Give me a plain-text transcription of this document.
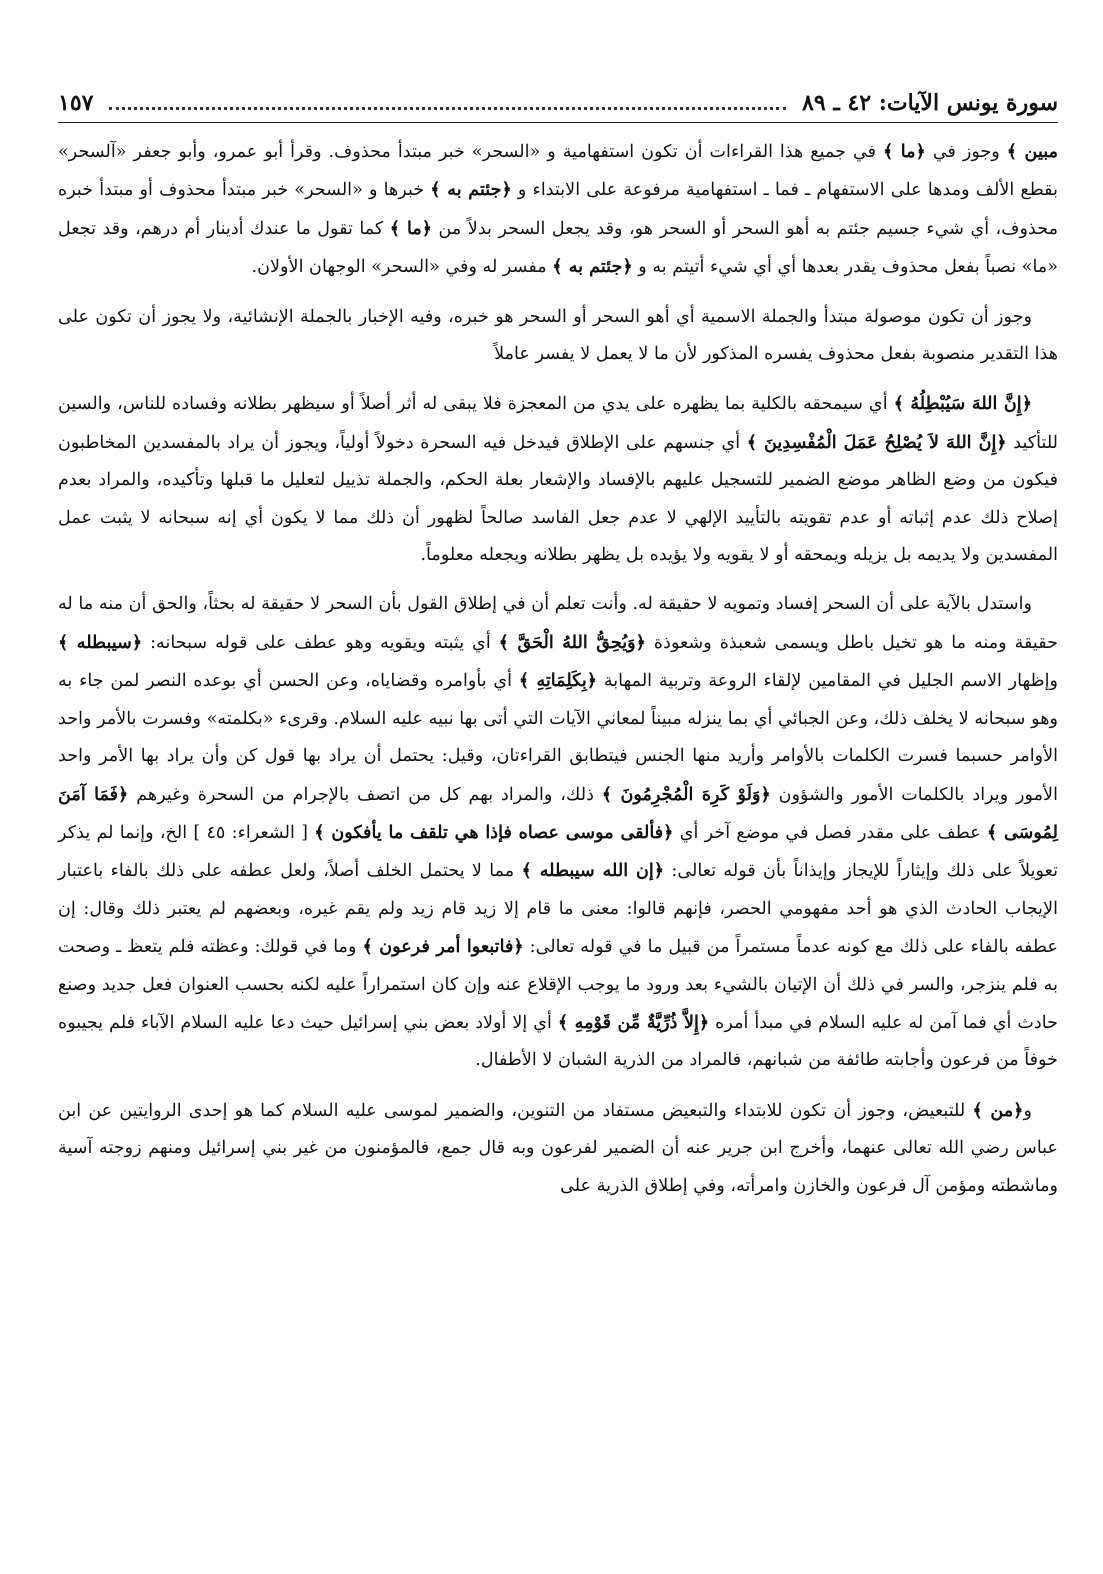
سورة يونس الآيات: ٤٢ ـ ٨٩
١٥٧

مبين ﴾ وجوز في ﴿ما ﴾ في جميع هذا القراءات أن تكون استفهامية و «السحر» خبر مبتدأ محذوف. وقرأ أبو عمرو، وأبو جعفر «آلسحر» بقطع الألف ومدها على الاستفهام ـ فما ـ استفهامية مرفوعة على الابتداء و ﴿جئتم به ﴾ خبرها و «السحر» خبر مبتدأ محذوف أو مبتدأ خبره محذوف، أي شيء جسيم جئتم به أهو السحر أو السحر هو، وقد يجعل السحر بدلاً من ﴿ما ﴾ كما تقول ما عندك أدينار أم درهم، وقد تجعل «ما» نصباً بفعل محذوف يقدر بعدها أي أي شيء أتيتم به و ﴿جئتم به ﴾ مفسر له وفي «السحر» الوجهان الأولان.

وجوز أن تكون موصولة مبتدأ والجملة الاسمية أي أهو السحر أو السحر هو خبره، وفيه الإخبار بالجملة الإنشائية، ولا يجوز أن تكون على هذا التقدير منصوبة بفعل محذوف يفسره المذكور لأن ما لا يعمل لا يفسر عاملاً

﴿إِنَّ اللهَ سَيُبْطِلُهُ ﴾ أي سيمحقه بالكلية بما يظهره على يدي من المعجزة فلا يبقى له أثر أصلاً أو سيظهر بطلانه وفساده للناس، والسين للتأكيد ﴿إِنَّ اللهَ لاَ يُصْلِحُ عَمَلَ الْمُفْسِدِينَ ﴾ أي جنسهم على الإطلاق فيدخل فيه السحرة دخولاً أولياً، ويجوز أن يراد بالمفسدين المخاطبون فيكون من وضع الظاهر موضع الضمير للتسجيل عليهم بالإفساد والإشعار بعلة الحكم، والجملة تذييل لتعليل ما قبلها وتأكيده، والمراد بعدم إصلاح ذلك عدم إثباته أو عدم تقويته بالتأييد الإلهي لا عدم جعل الفاسد صالحاً لظهور أن ذلك مما لا يكون أي إنه سبحانه لا يثبت عمل المفسدين ولا يديمه بل يزيله ويمحقه أو لا يقويه ولا يؤيده بل يظهر بطلانه ويجعله معلوماً.

واستدل بالآية على أن السحر إفساد وتمويه لا حقيقة له. وأنت تعلم أن في إطلاق القول بأن السحر لا حقيقة له بحثاً، والحق أن منه ما له حقيقة ومنه ما هو تخيل باطل ويسمى شعبذة وشعوذة ﴿وَيُحِقُّ اللهُ الْحَقَّ ﴾ أي يثبته ويقويه وهو عطف على قوله سبحانه: ﴿سيبطله ﴾ وإظهار الاسم الجليل في المقامين لإلقاء الروعة وتربية المهابة ﴿بِكَلِمَاتِهِ ﴾ أي بأوامره وقضاياه، وعن الحسن أي بوعده النصر لمن جاء به وهو سبحانه لا يخلف ذلك، وعن الجبائي أي بما ينزله مبيناً لمعاني الآيات التي أتى بها نبيه عليه السلام. وقرىء «بكلمته» وفسرت بالأمر واحد الأوامر حسبما فسرت الكلمات بالأوامر وأريد منها الجنس فيتطابق القراءتان، وقيل: يحتمل أن يراد بها قول كن وأن يراد بها الأمر واحد الأمور ويراد بالكلمات الأمور والشؤون ﴿وَلَوْ كَرِهَ الْمُجْرِمُونَ ﴾ ذلك، والمراد بهم كل من اتصف بالإجرام من السحرة وغيرهم ﴿فَمَا آمَنَ لِمُوسَى ﴾ عطف على مقدر فصل في موضع آخر أي ﴿فألقى موسى عصاه فإذا هي تلقف ما يأفكون ﴾ [ الشعراء: ٤٥ ] الخ، وإنما لم يذكر تعويلاً على ذلك وإيثاراً للإيجاز وإيذاناً بأن قوله تعالى: ﴿إن الله سيبطله ﴾ مما لا يحتمل الخلف أصلاً، ولعل عطفه على ذلك بالفاء باعتبار الإيجاب الحادث الذي هو أحد مفهومي الحصر، فإنهم قالوا: معنى ما قام إلا زيد قام زيد ولم يقم غيره، وبعضهم لم يعتبر ذلك وقال: إن عطفه بالفاء على ذلك مع كونه عدماً مستمراً من قبيل ما في قوله تعالى: ﴿فاتبعوا أمر فرعون ﴾ وما في قولك: وعظته فلم يتعظ ـ وصحت به فلم ينزجر، والسر في ذلك أن الإتيان بالشيء بعد ورود ما يوجب الإقلاع عنه وإن كان استمراراً عليه لكنه بحسب العنوان فعل جديد وصنع حادث أي فما آمن له عليه السلام في مبدأ أمره ﴿إِلاَّ ذُرِّيَّةٌ مِّن قَوْمِهِ ﴾ أي إلا أولاد بعض بني إسرائيل حيث دعا عليه السلام الآباء فلم يجيبوه خوفاً من فرعون وأجابته طائفة من شبانهم، فالمراد من الذرية الشبان لا الأطفال.

و﴿من ﴾ للتبعيض، وجوز أن تكون للابتداء والتبعيض مستفاد من التنوين، والضمير لموسى عليه السلام كما هو إحدى الروايتين عن ابن عباس رضي الله تعالى عنهما، وأخرج ابن جرير عنه أن الضمير لفرعون وبه قال جمع، فالمؤمنون من غير بني إسرائيل ومنهم زوجته آسية وماشطته ومؤمن آل فرعون والخازن وامرأته، وفي إطلاق الذرية على
